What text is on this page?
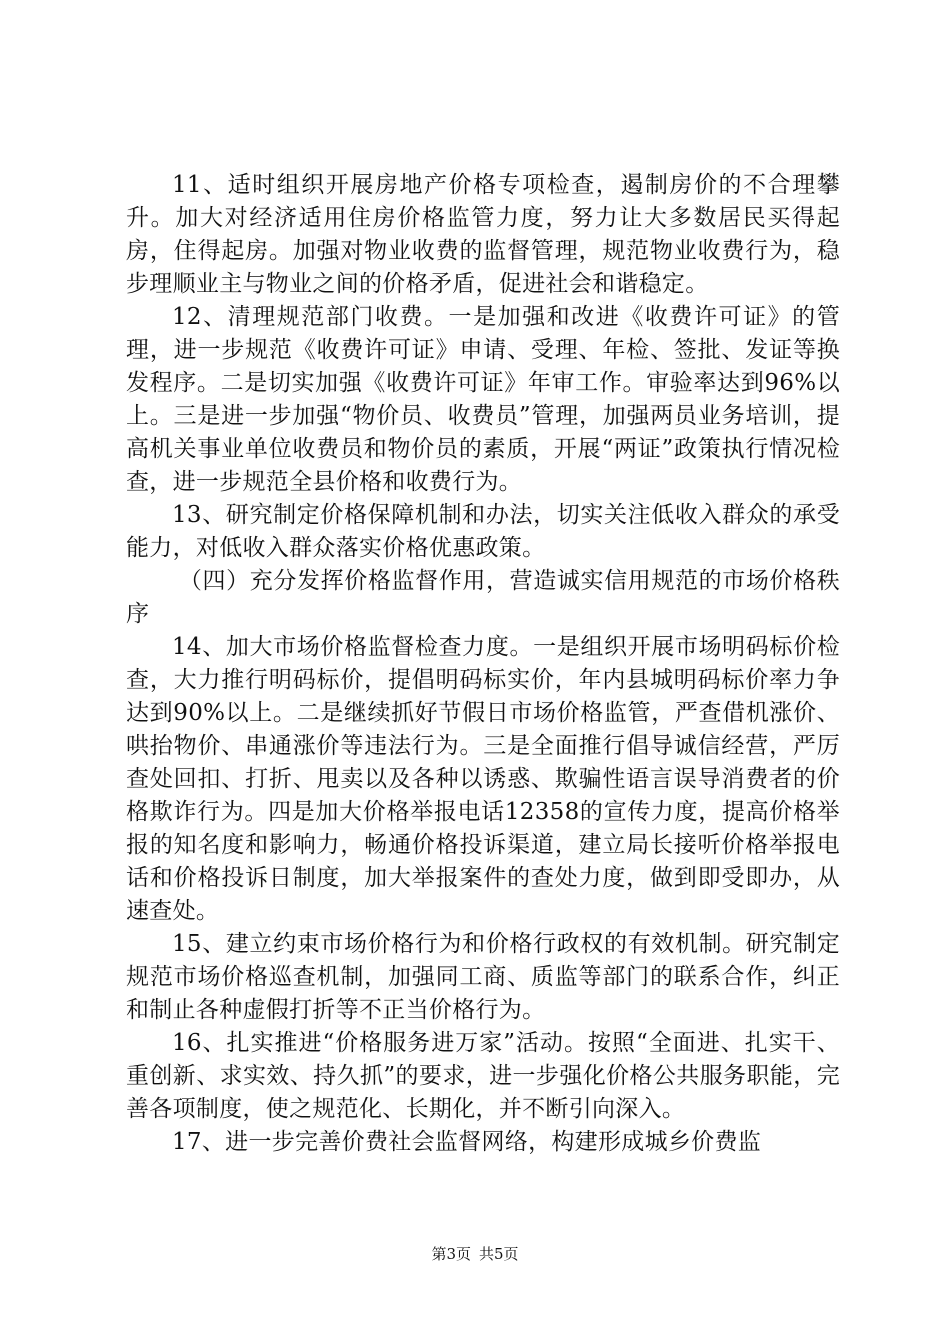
11、适时组织开展房地产价格专项检查，遏制房价的不合理攀升。加大对经济适用住房价格监管力度，努力让大多数居民买得起房，住得起房。加强对物业收费的监督管理，规范物业收费行为，稳步理顺业主与物业之间的价格矛盾，促进社会和谐稳定。

12、清理规范部门收费。一是加强和改进《收费许可证》的管理，进一步规范《收费许可证》申请、受理、年检、签批、发证等换发程序。二是切实加强《收费许可证》年审工作。审验率达到96%以上。三是进一步加强“物价员、收费员”管理，加强两员业务培训，提高机关事业单位收费员和物价员的素质，开展“两证”政策执行情况检查，进一步规范全县价格和收费行为。

13、研究制定价格保障机制和办法，切实关注低收入群众的承受能力，对低收入群众落实价格优惠政策。

（四）充分发挥价格监督作用，营造诚实信用规范的市场价格秩序

14、加大市场价格监督检查力度。一是组织开展市场明码标价检查，大力推行明码标价，提倡明码标实价，年内县城明码标价率力争达到90%以上。二是继续抓好节假日市场价格监管，严查借机涨价、哄抬物价、串通涨价等违法行为。三是全面推行倡导诚信经营，严厉查处回扣、打折、甩卖以及各种以诱惑、欺骗性语言误导消费者的价格欺诈行为。四是加大价格举报电话12358的宣传力度，提高价格举报的知名度和影响力，畅通价格投诉渠道，建立局长接听价格举报电话和价格投诉日制度，加大举报案件的查处力度，做到即受即办，从速查处。

15、建立约束市场价格行为和价格行政权的有效机制。研究制定规范市场价格巡查机制，加强同工商、质监等部门的联系合作，纠正和制止各种虚假打折等不正当价格行为。

16、扎实推进“价格服务进万家”活动。按照“全面进、扎实干、重创新、求实效、持久抓”的要求，进一步强化价格公共服务职能，完善各项制度，使之规范化、长期化，并不断引向深入。

17、进一步完善价费社会监督网络，构建形成城乡价费监

第3页 共5页
